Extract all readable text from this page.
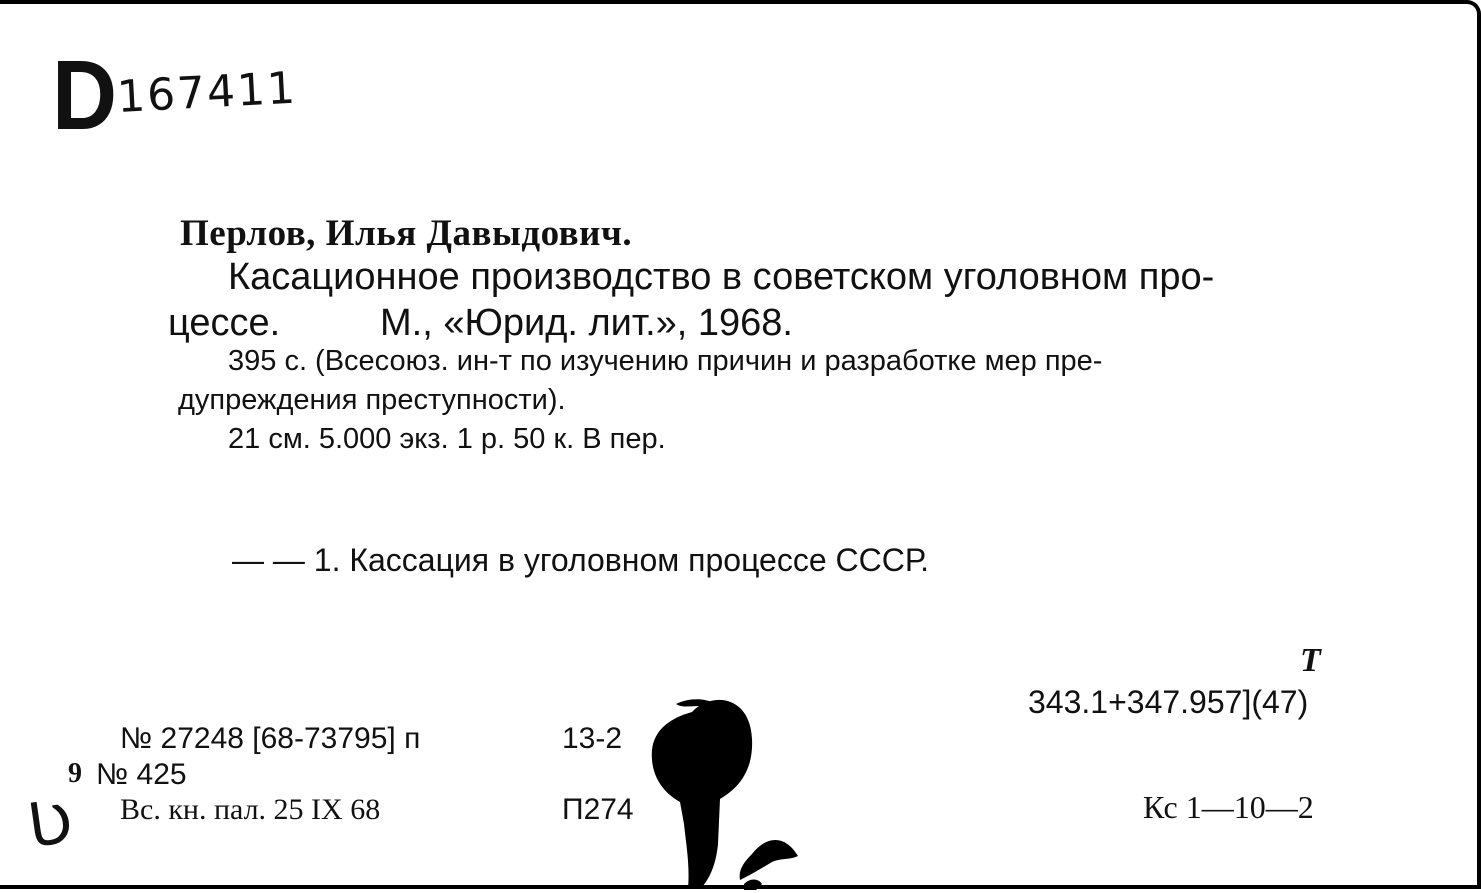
D
167411
Перлов, Илья Давыдович.
Касационное производство в советском уголовном про-
цессе.	М., «Юрид. лит.», 1968.
395 с. (Всесоюз. ин-т по изучению причин и разработке мер пре-
дупреждения преступности).
21 см. 5.000 экз. 1 р. 50 к. В пер.
— — 1. Кассация в уголовном процессе СССР.
Т
343.1+347.957](47)
№ 27248 [68-73795] п	13-2
9 № 425
Вс. кн. пал. 25 IX 68	П274	Кс 1—10—2
Ʋ
